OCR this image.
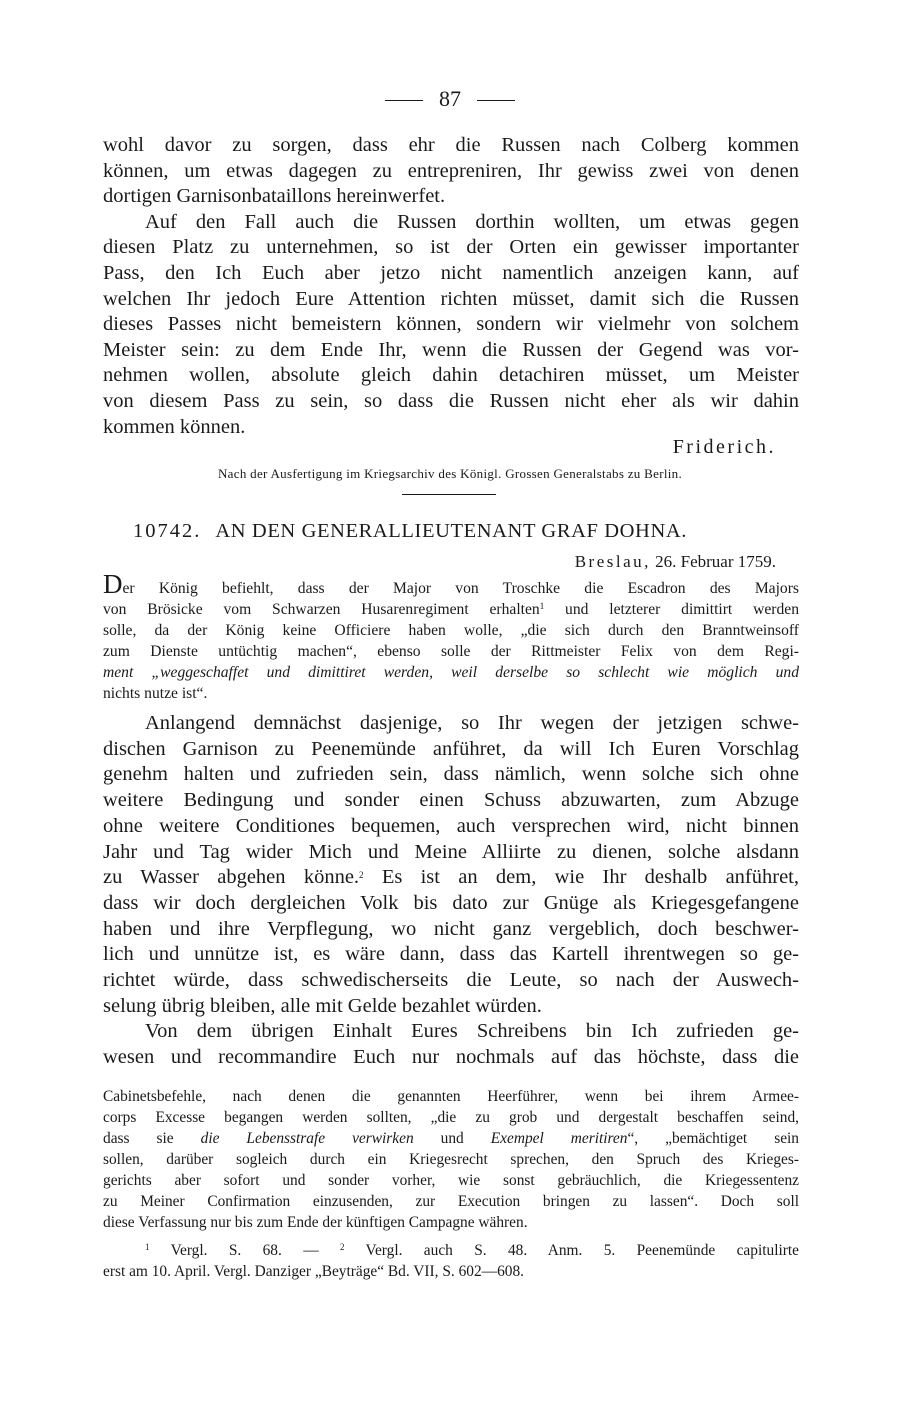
87
wohl davor zu sorgen, dass ehr die Russen nach Colberg kommen
können, um etwas dagegen zu entrepreniren, Ihr gewiss zwei von denen
dortigen Garnisonbataillons hereinwerfet.
Auf den Fall auch die Russen dorthin wollten, um etwas gegen
diesen Platz zu unternehmen, so ist der Orten ein gewisser importanter
Pass, den Ich Euch aber jetzo nicht namentlich anzeigen kann, auf
welchen Ihr jedoch Eure Attention richten müsset, damit sich die Russen
dieses Passes nicht bemeistern können, sondern wir vielmehr von solchem
Meister sein: zu dem Ende Ihr, wenn die Russen der Gegend was vor-
nehmen wollen, absolute gleich dahin detachiren müsset, um Meister
von diesem Pass zu sein, so dass die Russen nicht eher als wir dahin
kommen können.
Friderich.
Nach der Ausfertigung im Kriegsarchiv des Königl. Grossen Generalstabs zu Berlin.
10742. AN DEN GENERALLIEUTENANT GRAF DOHNA.
Breslau, 26. Februar 1759.
Der König befiehlt, dass der Major von Troschke die Escadron des Majors
von Brösicke vom Schwarzen Husarenregiment erhalten$^1$ und letzterer dimittirt werden
solle, da der König keine Officiere haben wolle, „die sich durch den Branntweinsoff
zum Dienste untüchtig machen“, ebenso solle der Rittmeister Felix von dem Regi-
ment „weggeschaffet und dimittiret werden, weil derselbe so schlecht wie möglich und
nichts nutze ist“.
Anlangend demnächst dasjenige, so Ihr wegen der jetzigen schwe-
dischen Garnison zu Peenemünde anführet, da will Ich Euren Vorschlag
genehm halten und zufrieden sein, dass nämlich, wenn solche sich ohne
weitere Bedingung und sonder einen Schuss abzuwarten, zum Abzuge
ohne weitere Conditiones bequemen, auch versprechen wird, nicht binnen
Jahr und Tag wider Mich und Meine Alliirte zu dienen, solche alsdann
zu Wasser abgehen könne.$^2$ Es ist an dem, wie Ihr deshalb anführet,
dass wir doch dergleichen Volk bis dato zur Gnüge als Kriegesgefangene
haben und ihre Verpflegung, wo nicht ganz vergeblich, doch beschwer-
lich und unnütze ist, es wäre dann, dass das Kartell ihrentwegen so ge-
richtet würde, dass schwedischerseits die Leute, so nach der Auswech-
selung übrig bleiben, alle mit Gelde bezahlet würden.
Von dem übrigen Einhalt Eures Schreibens bin Ich zufrieden ge-
wesen und recommandire Euch nur nochmals auf das höchste, dass die
Cabinetsbefehle, nach denen die genannten Heerführer, wenn bei ihrem Armee-
corps Excesse begangen werden sollten, „die zu grob und dergestalt beschaffen seind,
dass sie die Lebensstrafe verwirken und Exempel meritiren“, „bemächtiget sein
sollen, darüber sogleich durch ein Kriegesrecht sprechen, den Spruch des Krieges-
gerichts aber sofort und sonder vorher, wie sonst gebräuchlich, die Kriegessentenz
zu Meiner Confirmation einzusenden, zur Execution bringen zu lassen“. Doch soll
diese Verfassung nur bis zum Ende der künftigen Campagne währen.
$^1$ Vergl. S. 68. — $^2$ Vergl. auch S. 48. Anm. 5. Peenemünde capitulirte
erst am 10. April. Vergl. Danziger „Beyträge“ Bd. VII, S. 602—608.
